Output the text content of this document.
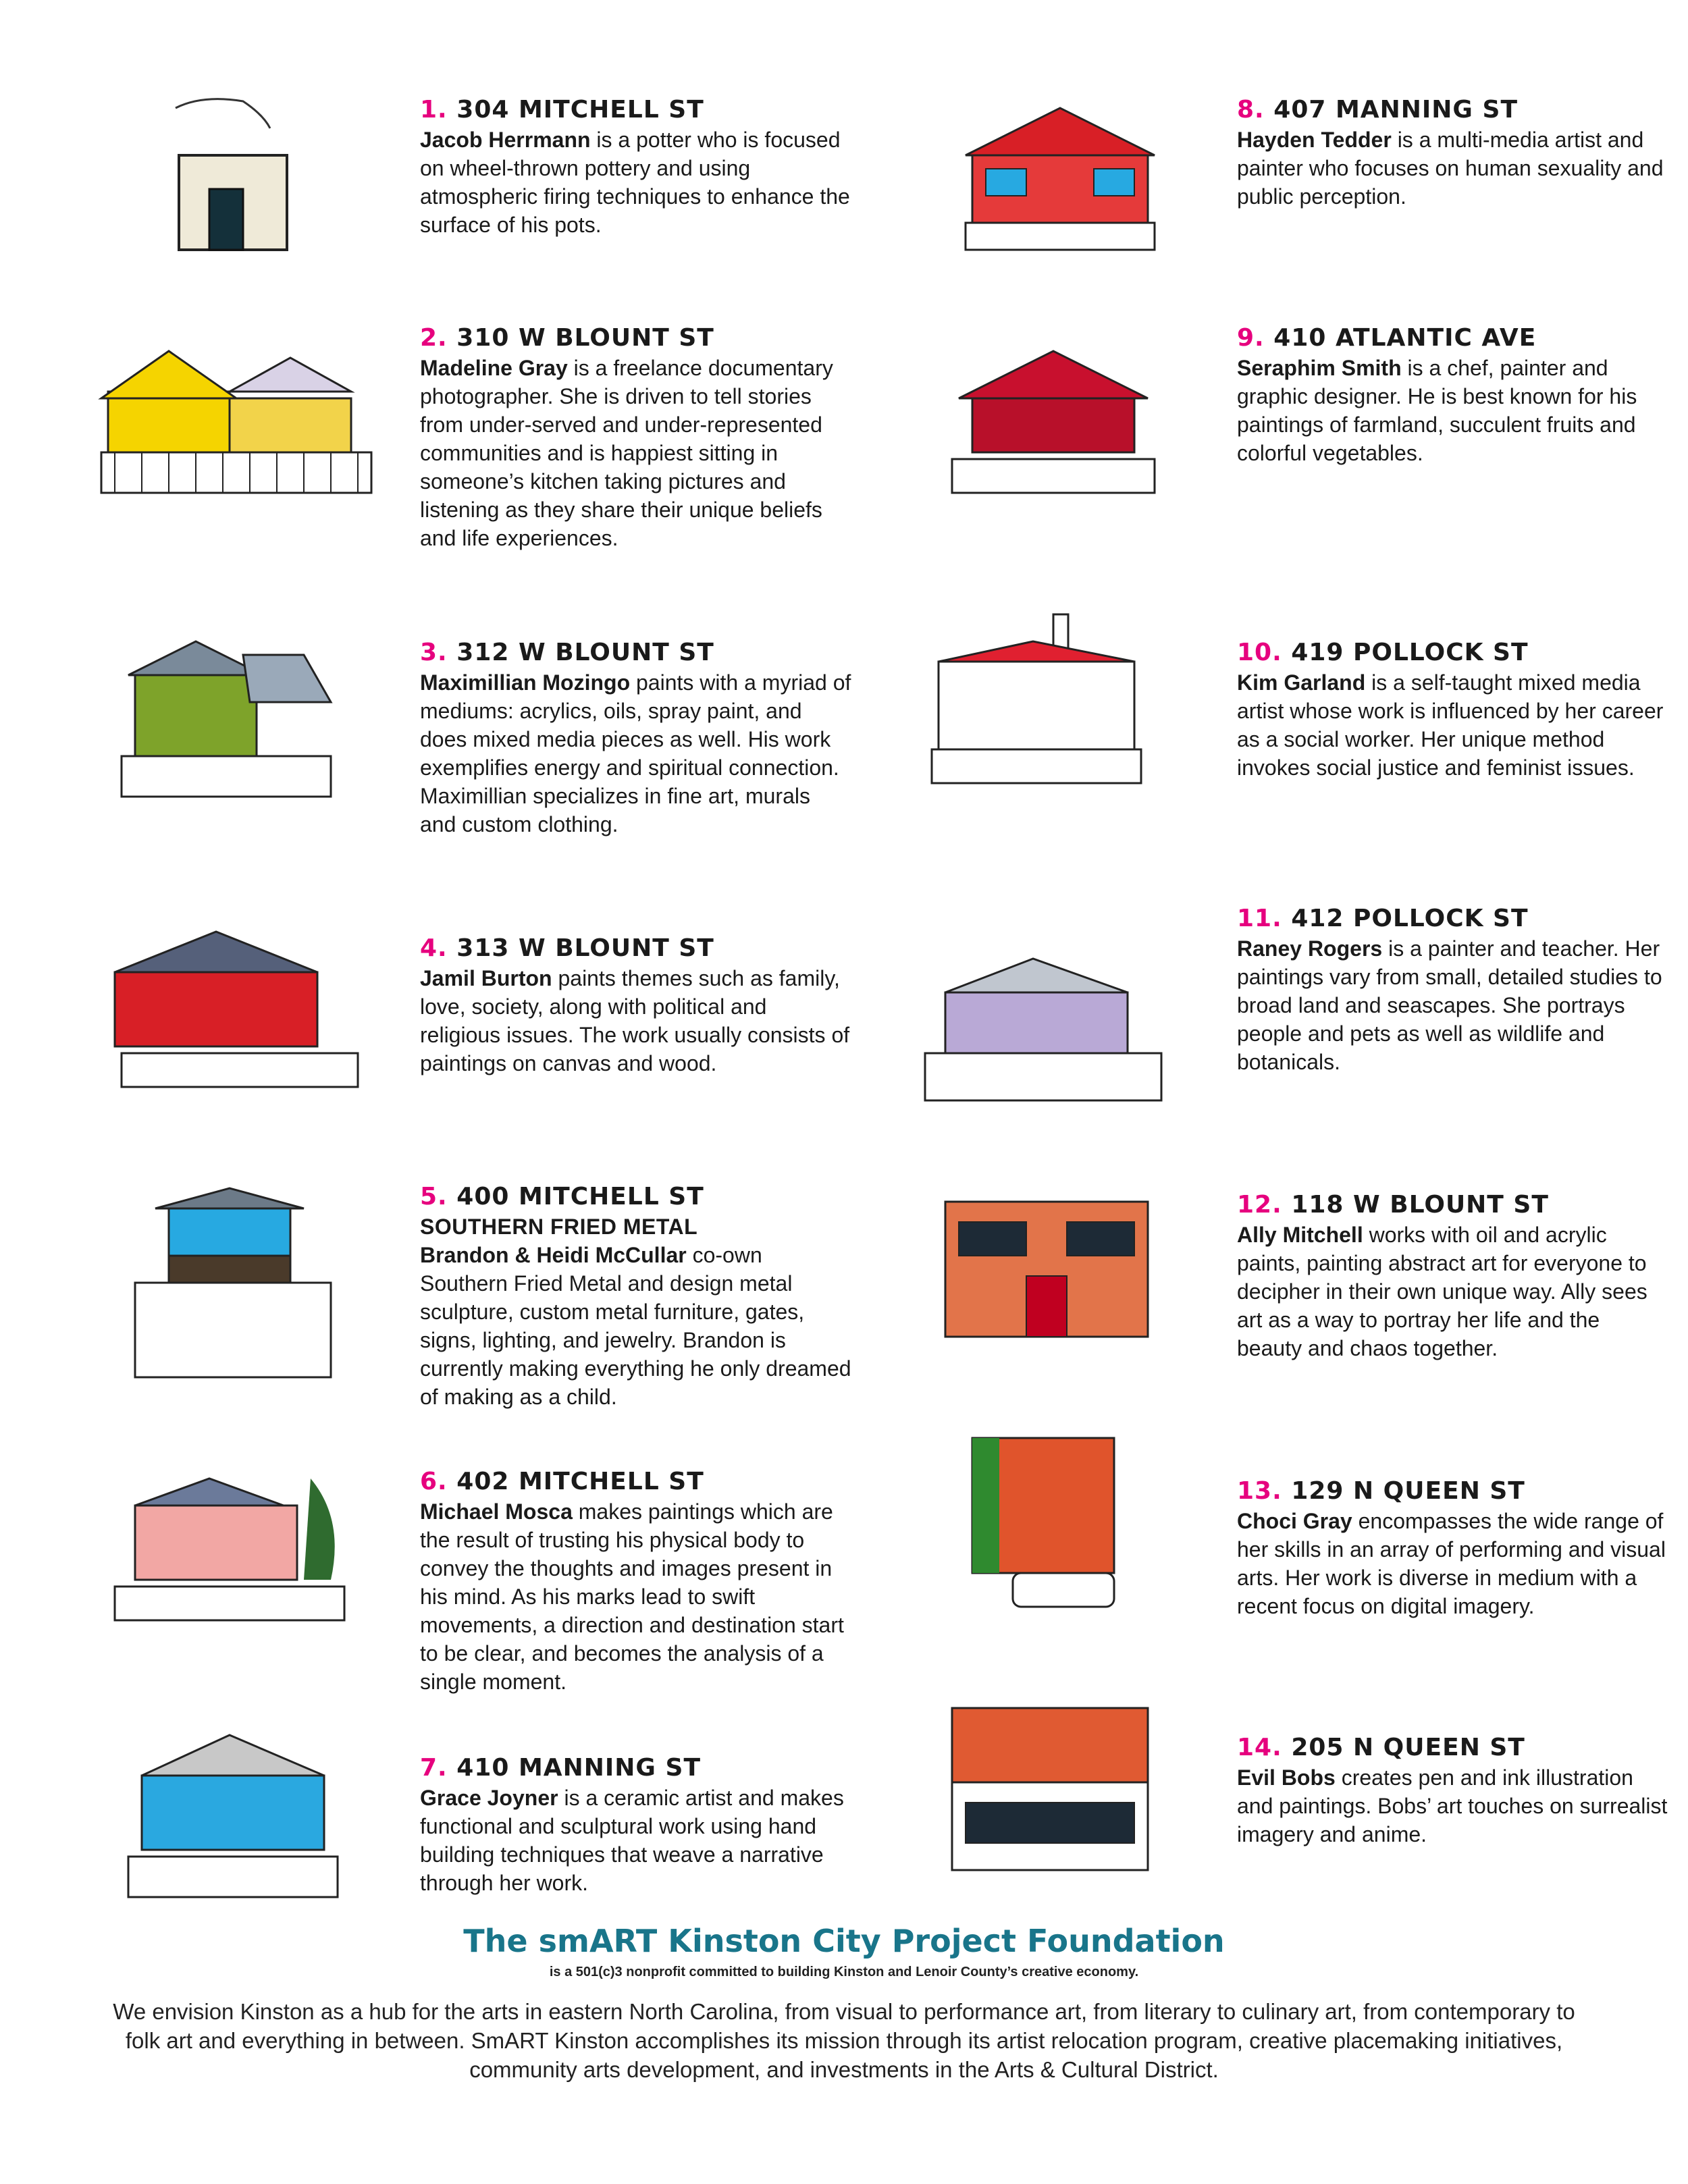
1. 304 MITCHELL ST
Jacob Herrmann is a potter who is focused on wheel-thrown pottery and using atmospheric firing techniques to enhance the surface of his pots.
2. 310 W BLOUNT ST
Madeline Gray is a freelance documentary photographer. She is driven to tell stories from under-served and under-represented communities and is happiest sitting in someone’s kitchen taking pictures and listening as they share their unique beliefs and life experiences.
3. 312 W BLOUNT ST
Maximillian Mozingo paints with a myriad of mediums: acrylics, oils, spray paint, and does mixed media pieces as well. His work exemplifies energy and spiritual connection. Maximillian specializes in fine art, murals and custom clothing.
4. 313 W BLOUNT ST
Jamil Burton paints themes such as family, love, society, along with political and religious issues. The work usually consists of paintings on canvas and wood.
5. 400 MITCHELL ST
SOUTHERN FRIED METAL
Brandon & Heidi McCullar co-own Southern Fried Metal and design metal sculpture, custom metal furniture, gates, signs, lighting, and jewelry. Brandon is currently making everything he only dreamed of making as a child.
6. 402 MITCHELL ST
Michael Mosca makes paintings which are the result of trusting his physical body to convey the thoughts and images present in his mind. As his marks lead to swift movements, a direction and destination start to be clear, and becomes the analysis of a single moment.
7. 410 MANNING ST
Grace Joyner is a ceramic artist and makes functional and sculptural work using hand building techniques that weave a narrative through her work.
8. 407 MANNING ST
Hayden Tedder is a multi-media artist and painter who focuses on human sexuality and public perception.
9. 410 ATLANTIC AVE
Seraphim Smith is a chef, painter and graphic designer. He is best known for his paintings of farmland, succulent fruits and colorful vegetables.
10. 419 POLLOCK ST
Kim Garland is a self-taught mixed media artist whose work is influenced by her career as a social worker. Her unique method invokes social justice and feminist issues.
11. 412 POLLOCK ST
Raney Rogers is a painter and teacher. Her paintings vary from small, detailed studies to broad land and seascapes. She portrays people and pets as well as wildlife and botanicals.
12. 118 W BLOUNT ST
Ally Mitchell works with oil and acrylic paints, painting abstract art for everyone to decipher in their own unique way. Ally sees art as a way to portray her life and the beauty and chaos together.
13. 129 N QUEEN ST
Choci Gray encompasses the wide range of her skills in an array of performing and visual arts. Her work is diverse in medium with a recent focus on digital imagery.
14. 205 N QUEEN ST
Evil Bobs creates pen and ink illustration and paintings. Bobs’ art touches on surrealist imagery and anime.
The smART Kinston City Project Foundation
is a 501(c)3 nonprofit committed to building Kinston and Lenoir County’s creative economy.
We envision Kinston as a hub for the arts in eastern North Carolina, from visual to performance art, from literary to culinary art, from contemporary to folk art and everything in between. SmART Kinston accomplishes its mission through its artist relocation program, creative placemaking initiatives, community arts development, and investments in the Arts & Cultural District.
